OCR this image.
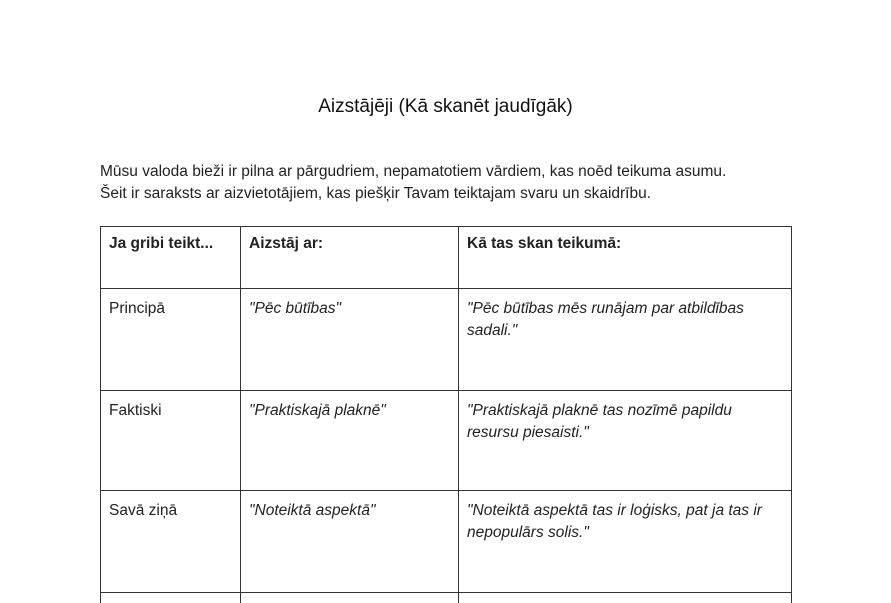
Aizstājēji (Kā skanēt jaudīgāk)

Mūsu valoda bieži ir pilna ar pārgudriem, nepamatotiem vārdiem, kas noēd teikuma asumu.

Šeit ir saraksts ar aizvietotājiem, kas piešķir Tavam teiktajam svaru un skaidrību.

Ja gribi teikt...	Aizstāj ar:	Kā tas skan teikumā:
Principā	"Pēc būtības"	"Pēc būtības mēs runājam par atbildības sadali."
Faktiski	"Praktiskajā plaknē"	"Praktiskajā plaknē tas nozīmē papildu resursu piesaisti."
Savā ziņā	"Noteiktā aspektā"	"Noteiktā aspektā tas ir loģisks, pat ja tas ir nepopulārs solis."
